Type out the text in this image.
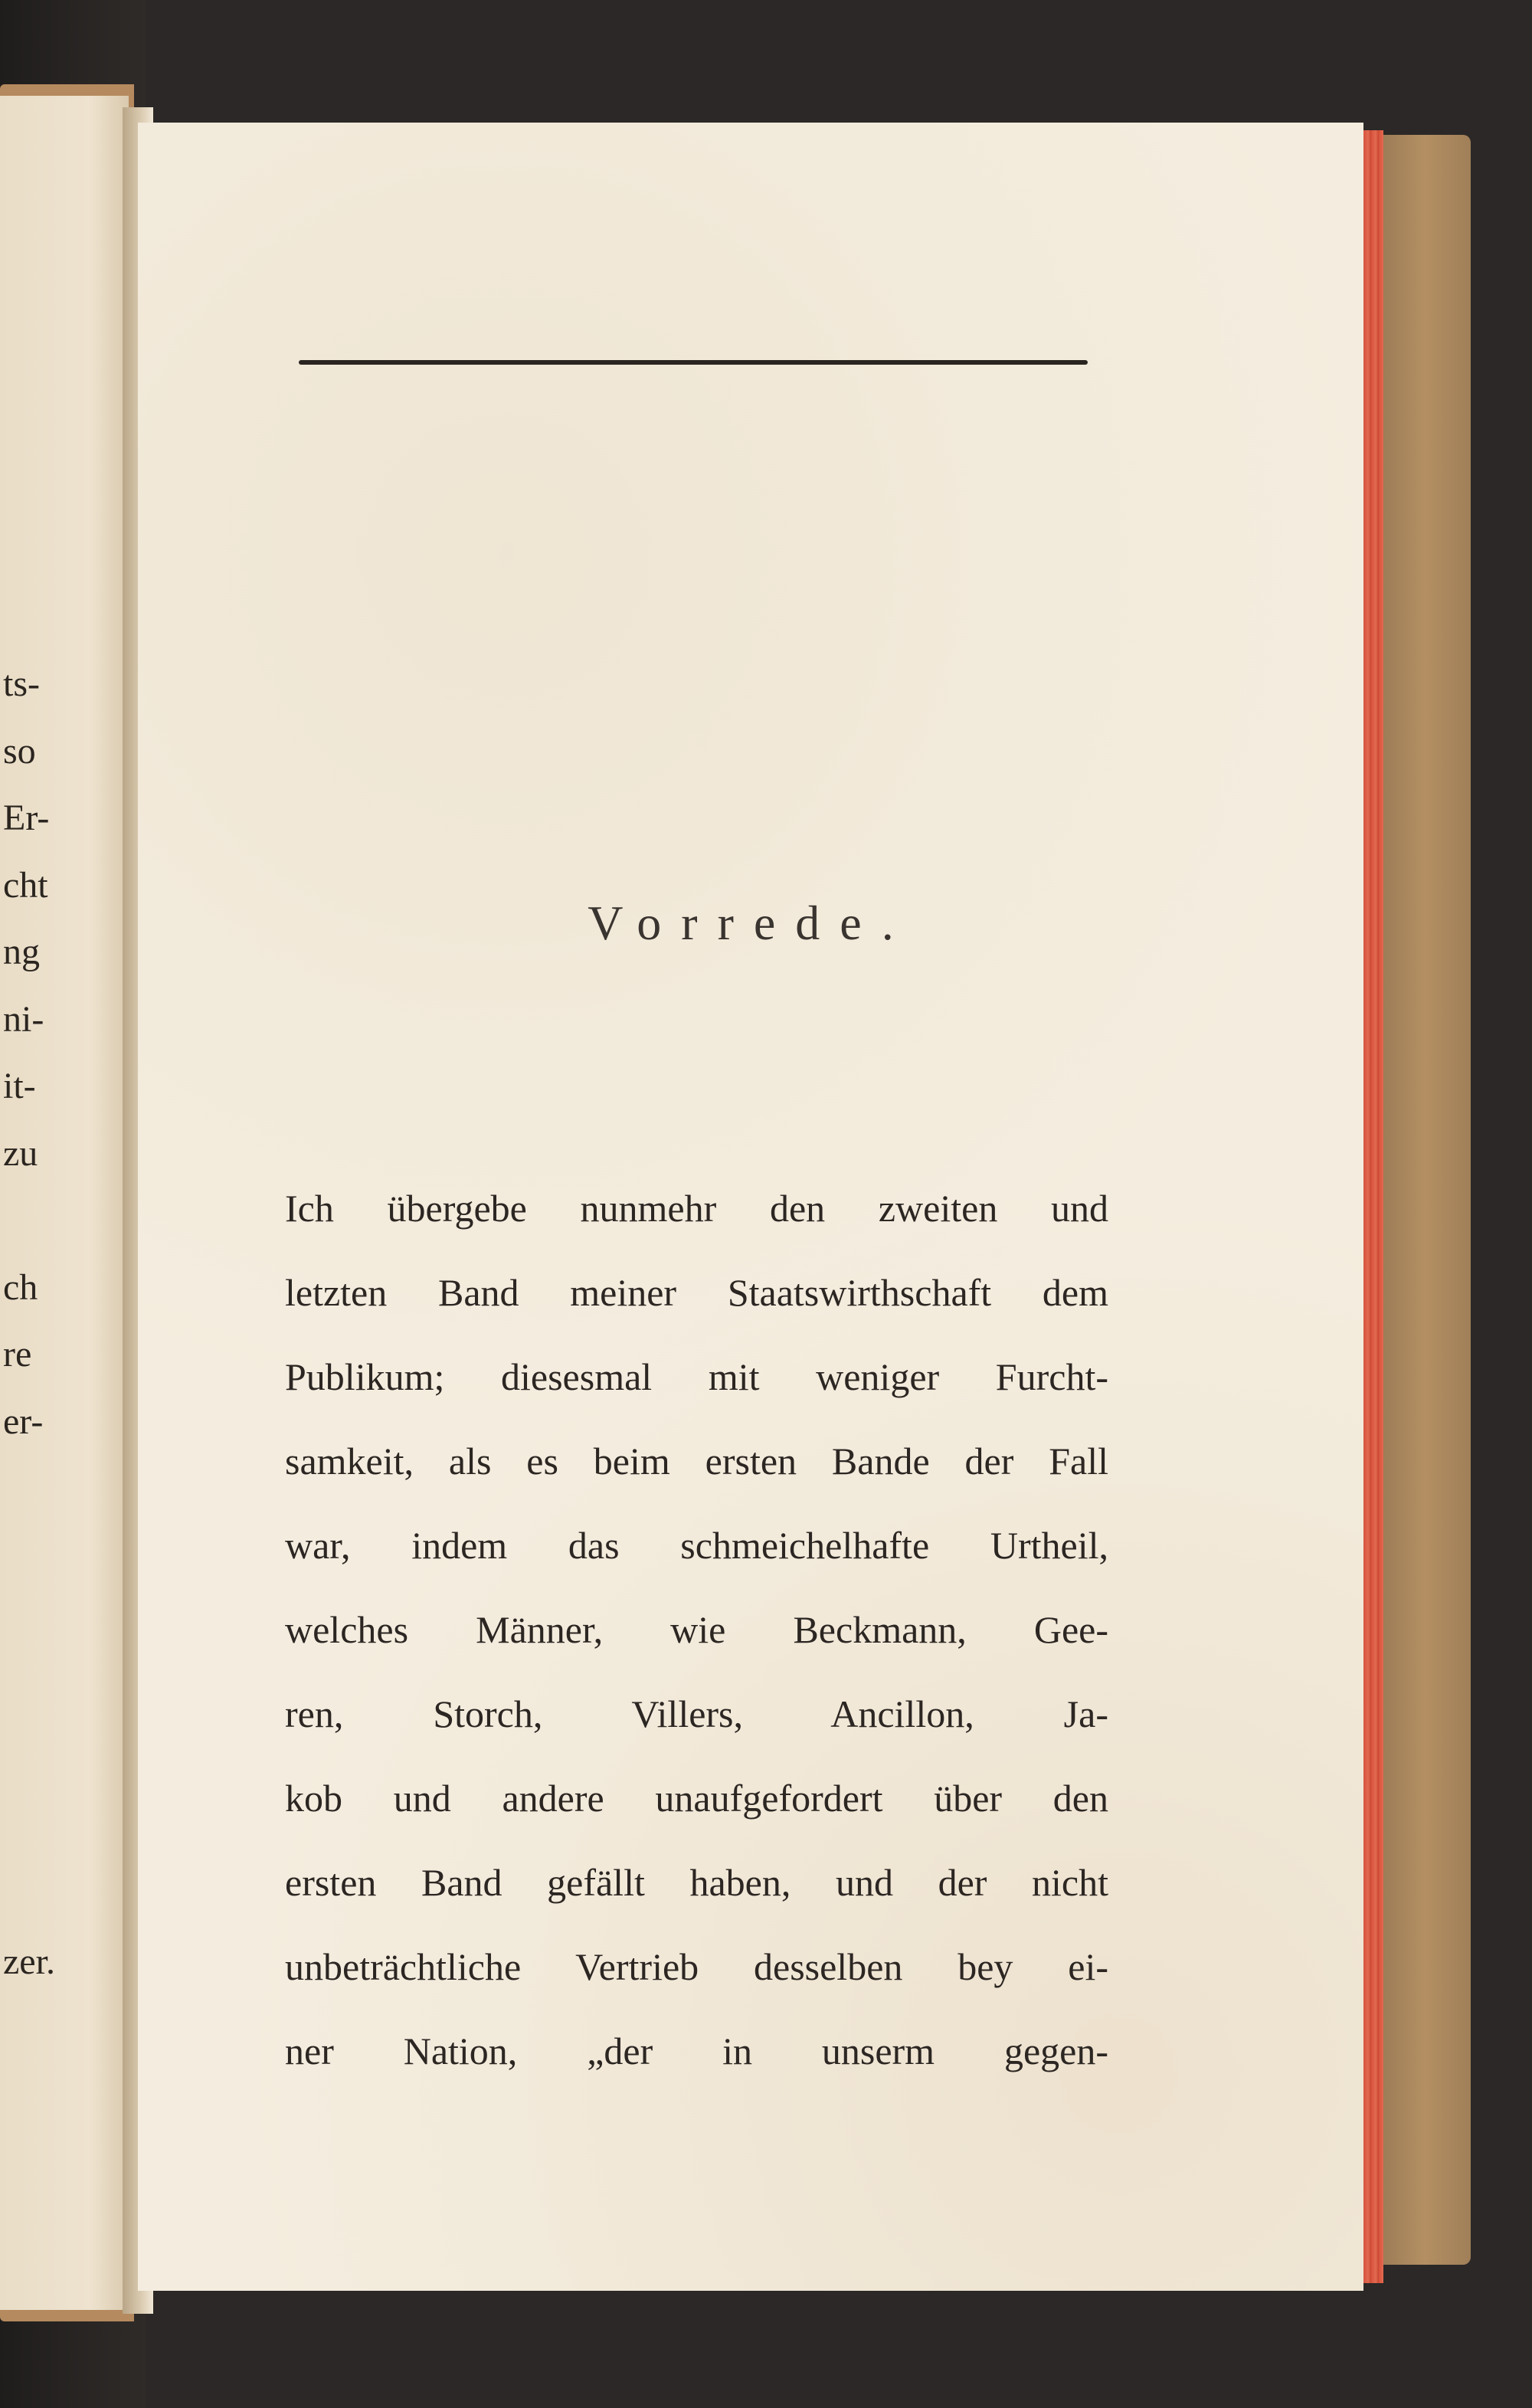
ts-
so
Er-
cht
ng
ni-
it-
zu
ch
re
er-
zer.
Vorrede.
Ich übergebe nunmehr den zweiten und
letzten Band meiner Staatswirthschaft dem
Publikum; diesesmal mit weniger Furcht-
samkeit, als es beim ersten Bande der Fall
war, indem das schmeichelhafte Urtheil,
welches Männer, wie Beckmann, Gee-
ren, Storch, Villers, Ancillon, Ja-
kob und andere unaufgefordert über den
ersten Band gefällt haben, und der nicht
unbeträchtliche Vertrieb desselben bey ei-
ner Nation, „der in unserm gegen-
